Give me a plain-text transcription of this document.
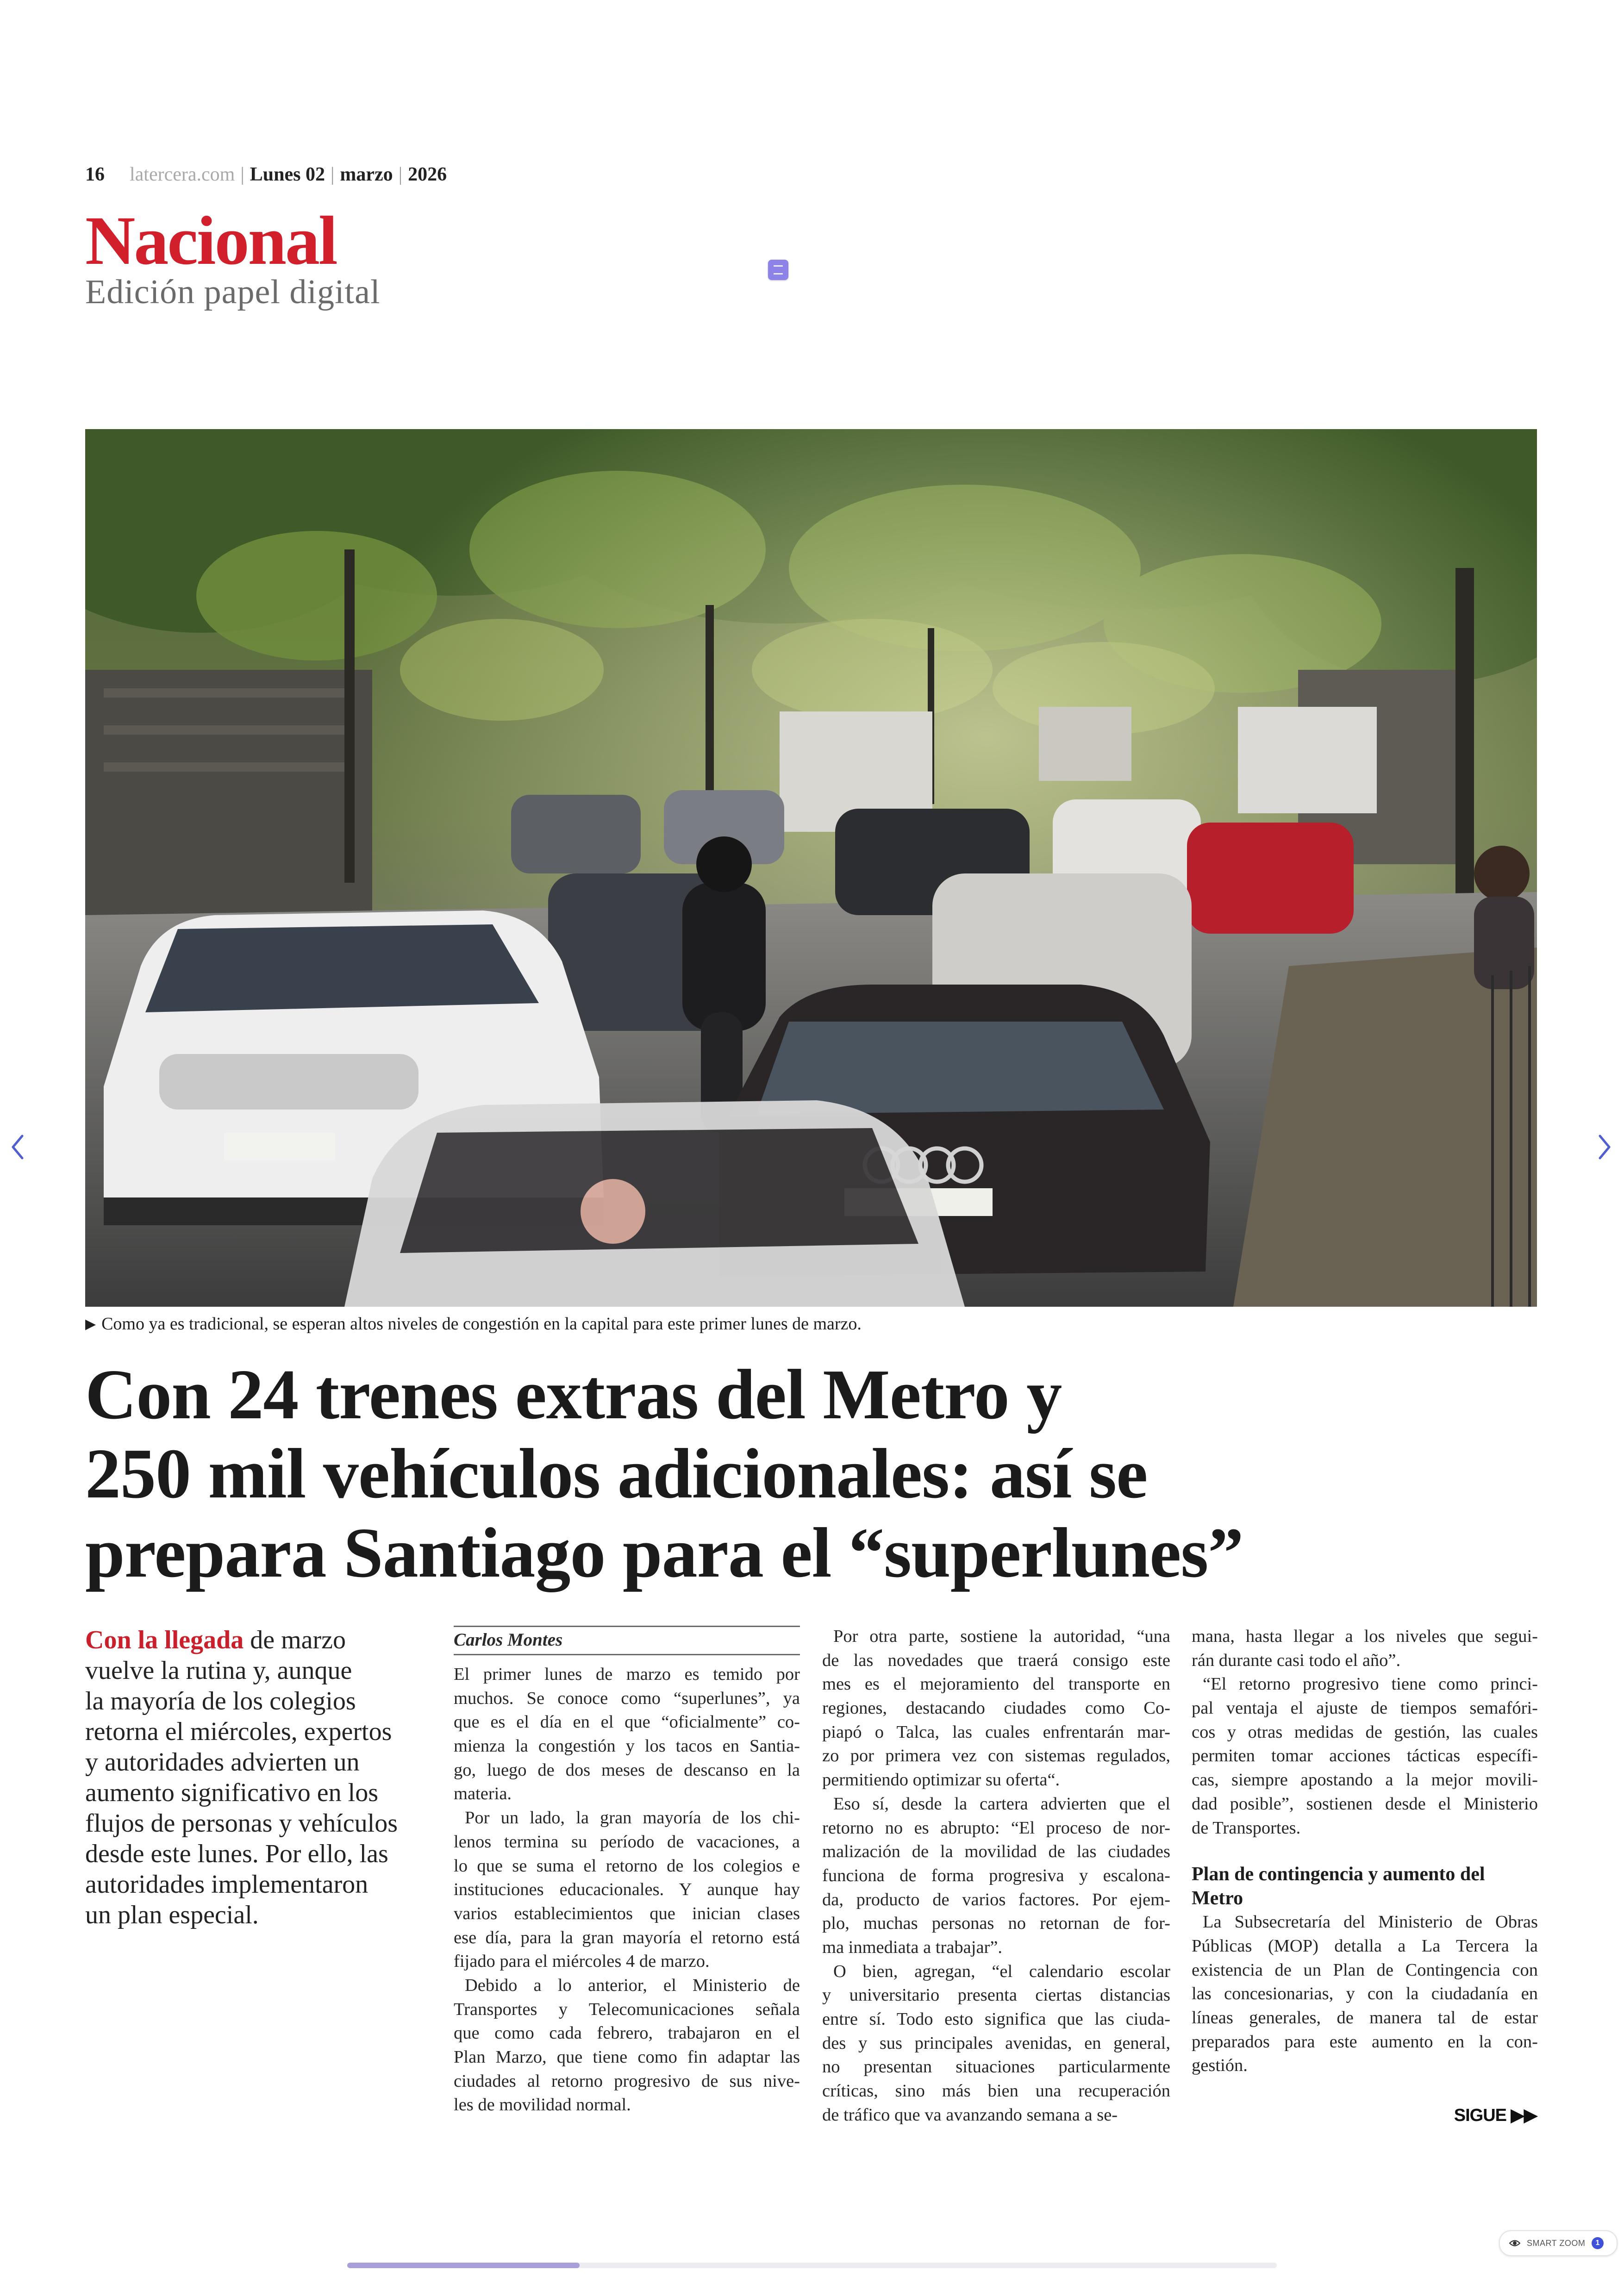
16 latercera.com | Lunes 02 | marzo | 2026
Nacional
Edición papel digital
▶ Como ya es tradicional, se esperan altos niveles de congestión en la capital para este primer lunes de marzo.
Con 24 trenes extras del Metro y
250 mil vehículos adicionales: así se
prepara Santiago para el “superlunes”
Con la llegada de marzo
vuelve la rutina y, aunque
la mayoría de los colegios
retorna el miércoles, expertos
y autoridades advierten un
aumento significativo en los
flujos de personas y vehículos
desde este lunes. Por ello, las
autoridades implementaron
un plan especial.
Carlos Montes
El primer lunes de marzo es temido por
muchos. Se conoce como “superlunes”, ya
que es el día en el que “oficialmente” co-
mienza la congestión y los tacos en Santia-
go, luego de dos meses de descanso en la
materia.
Por un lado, la gran mayoría de los chi-
lenos termina su período de vacaciones, a
lo que se suma el retorno de los colegios e
instituciones educacionales. Y aunque hay
varios establecimientos que inician clases
ese día, para la gran mayoría el retorno está
fijado para el miércoles 4 de marzo.
Debido a lo anterior, el Ministerio de
Transportes y Telecomunicaciones señala
que como cada febrero, trabajaron en el
Plan Marzo, que tiene como fin adaptar las
ciudades al retorno progresivo de sus nive-
les de movilidad normal.
Por otra parte, sostiene la autoridad, “una
de las novedades que traerá consigo este
mes es el mejoramiento del transporte en
regiones, destacando ciudades como Co-
piapó o Talca, las cuales enfrentarán mar-
zo por primera vez con sistemas regulados,
permitiendo optimizar su oferta“.
Eso sí, desde la cartera advierten que el
retorno no es abrupto: “El proceso de nor-
malización de la movilidad de las ciudades
funciona de forma progresiva y escalona-
da, producto de varios factores. Por ejem-
plo, muchas personas no retornan de for-
ma inmediata a trabajar”.
O bien, agregan, “el calendario escolar
y universitario presenta ciertas distancias
entre sí. Todo esto significa que las ciuda-
des y sus principales avenidas, en general,
no presentan situaciones particularmente
críticas, sino más bien una recuperación
de tráfico que va avanzando semana a se-
mana, hasta llegar a los niveles que segui-
rán durante casi todo el año”.
“El retorno progresivo tiene como princi-
pal ventaja el ajuste de tiempos semafóri-
cos y otras medidas de gestión, las cuales
permiten tomar acciones tácticas específi-
cas, siempre apostando a la mejor movili-
dad posible”, sostienen desde el Ministerio
de Transportes.
Plan de contingencia y aumento del
Metro
La Subsecretaría del Ministerio de Obras
Públicas (MOP) detalla a La Tercera la
existencia de un Plan de Contingencia con
las concesionarias, y con la ciudadanía en
líneas generales, de manera tal de estar
preparados para este aumento en la con-
gestión.
SIGUE ▶▶
SMART ZOOM	1
